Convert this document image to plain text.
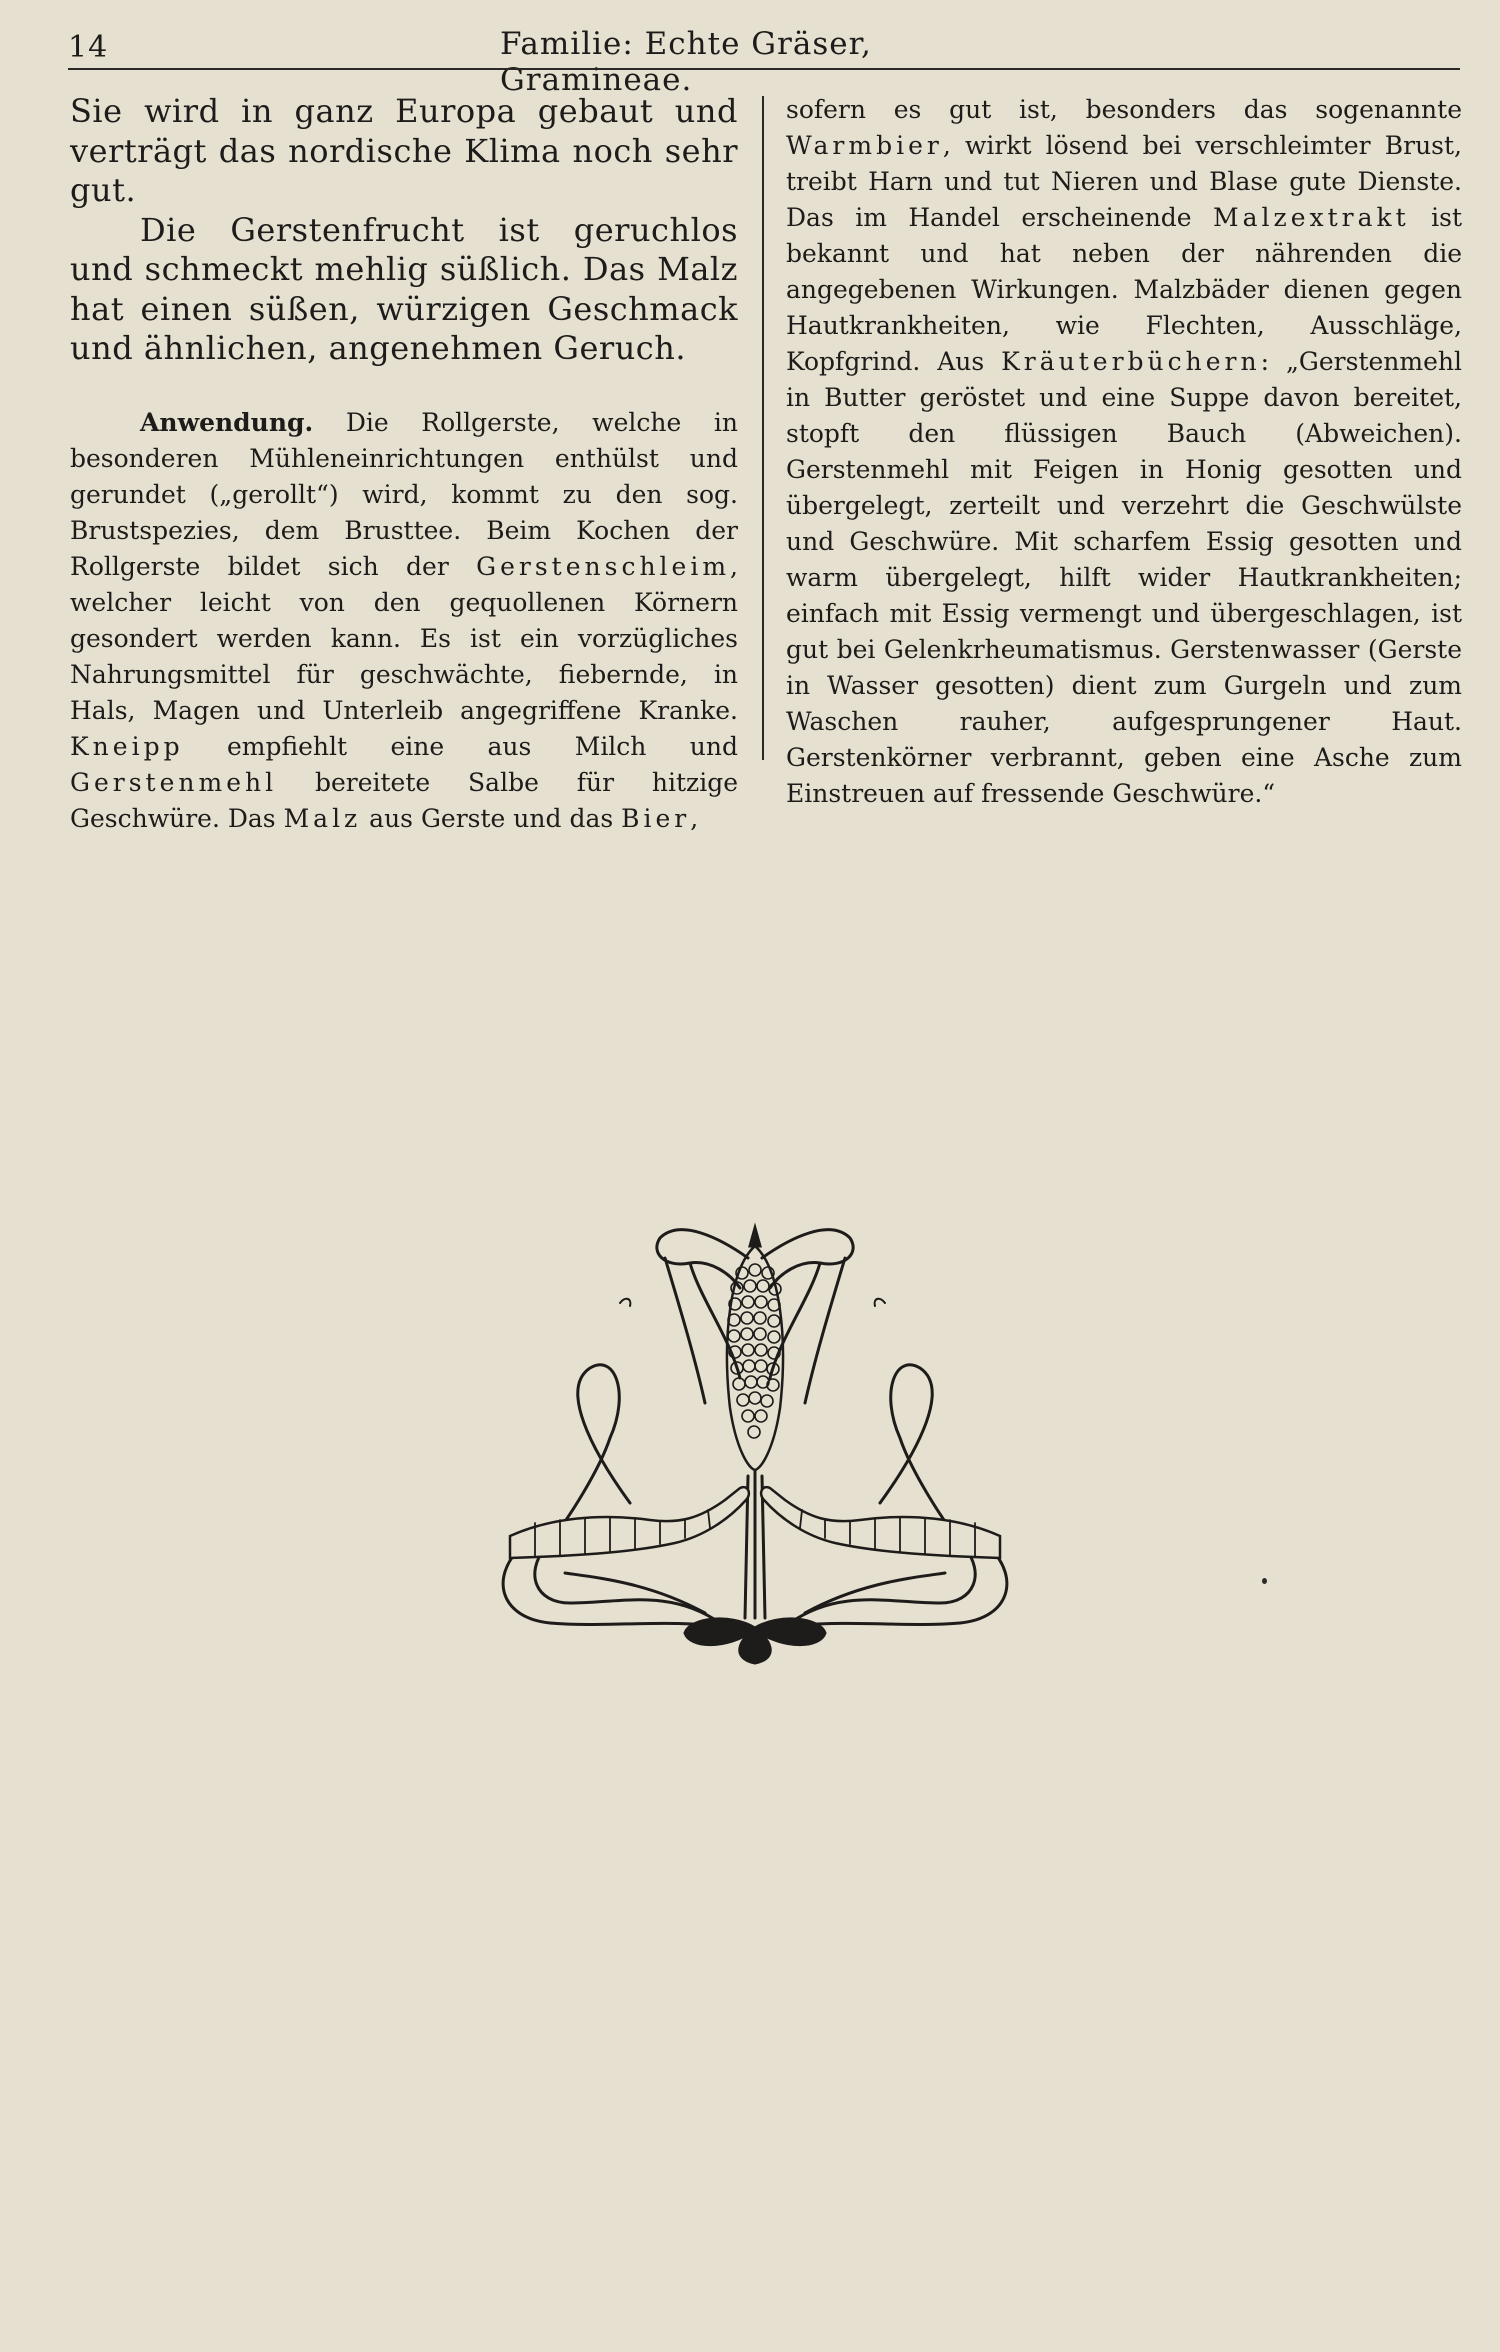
14	Familie: Echte Gräser, Gramineae.

Sie wird in ganz Europa gebaut und verträgt das nordische Klima noch sehr gut.

Die Gerstenfrucht ist geruchlos und schmeckt mehlig süßlich. Das Malz hat einen süßen, würzigen Geschmack und ähnlichen, angenehmen Geruch.

Anwendung. Die Rollgerste, welche in besonderen Mühleneinrichtungen enthülst und gerundet („gerollt“) wird, kommt zu den sog. Brustspezies, dem Brusttee. Beim Kochen der Rollgerste bildet sich der Gerstenschleim, welcher leicht von den gequollenen Körnern gesondert werden kann. Es ist ein vorzügliches Nahrungsmittel für geschwächte, fiebernde, in Hals, Magen und Unterleib angegriffene Kranke. Kneipp empfiehlt eine aus Milch und Gerstenmehl bereitete Salbe für hitzige Geschwüre. Das Malz aus Gerste und das Bier,

sofern es gut ist, besonders das sogenannte Warmbier, wirkt lösend bei verschleimter Brust, treibt Harn und tut Nieren und Blase gute Dienste. Das im Handel erscheinende Malzextrakt ist bekannt und hat neben der nährenden die angegebenen Wirkungen. Malzbäder dienen gegen Hautkrankheiten, wie Flechten, Ausschläge, Kopfgrind. Aus Kräuterbüchern: „Gerstenmehl in Butter geröstet und eine Suppe davon bereitet, stopft den flüssigen Bauch (Abweichen). Gerstenmehl mit Feigen in Honig gesotten und übergelegt, zerteilt und verzehrt die Geschwülste und Geschwüre. Mit scharfem Essig gesotten und warm übergelegt, hilft wider Hautkrankheiten; einfach mit Essig vermengt und übergeschlagen, ist gut bei Gelenkrheumatismus. Gerstenwasser (Gerste in Wasser gesotten) dient zum Gurgeln und zum Waschen rauher, aufgesprungener Haut. Gerstenkörner verbrannt, geben eine Asche zum Einstreuen auf fressende Geschwüre.“
